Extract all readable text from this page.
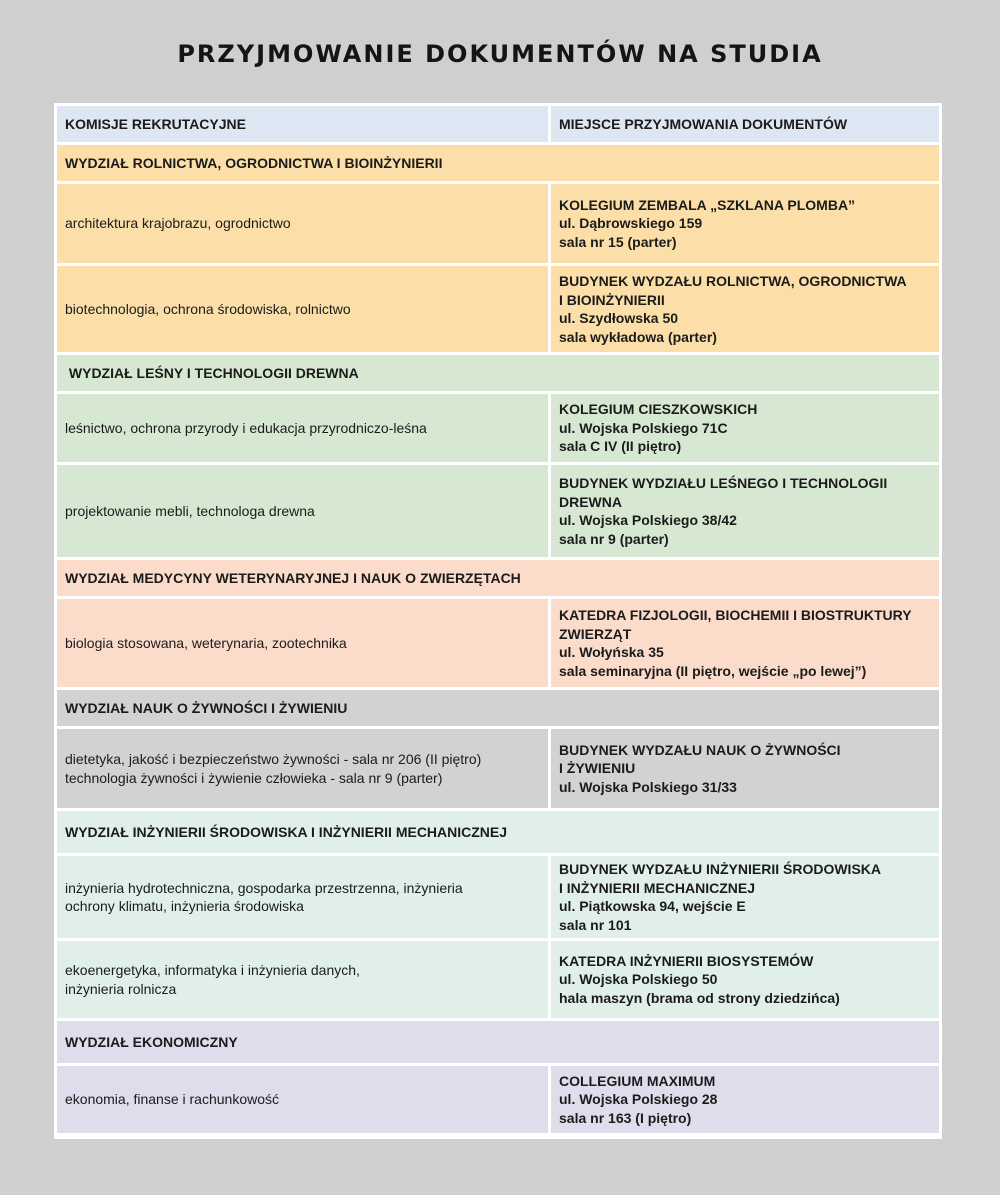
PRZYJMOWANIE DOKUMENTÓW NA STUDIA
KOMISJE REKRUTACYJNE	MIEJSCE PRZYJMOWANIA DOKUMENTÓW
WYDZIAŁ ROLNICTWA, OGRODNICTWA I BIOINŻYNIERII
architektura krajobrazu, ogrodnictwo
KOLEGIUM ZEMBALA „SZKLANA PLOMBA”
ul. Dąbrowskiego 159
sala nr 15 (parter)
biotechnologia, ochrona środowiska, rolnictwo
BUDYNEK WYDZAŁU ROLNICTWA, OGRODNICTWA
I BIOINŻYNIERII
ul. Szydłowska 50
sala wykładowa (parter)
WYDZIAŁ LEŚNY I TECHNOLOGII DREWNA
leśnictwo, ochrona przyrody i edukacja przyrodniczo-leśna
KOLEGIUM CIESZKOWSKICH
ul. Wojska Polskiego 71C
sala C IV (II piętro)
projektowanie mebli, technologa drewna
BUDYNEK WYDZIAŁU LEŚNEGO I TECHNOLOGII
DREWNA
ul. Wojska Polskiego 38/42
sala nr 9 (parter)
WYDZIAŁ MEDYCYNY WETERYNARYJNEJ I NAUK O ZWIERZĘTACH
biologia stosowana, weterynaria, zootechnika
KATEDRA FIZJOLOGII, BIOCHEMII I BIOSTRUKTURY
ZWIERZĄT
ul. Wołyńska 35
sala seminaryjna (II piętro, wejście „po lewej”)
WYDZIAŁ NAUK O ŻYWNOŚCI I ŻYWIENIU
dietetyka, jakość i bezpieczeństwo żywności - sala nr 206 (II piętro)
technologia żywności i żywienie człowieka - sala nr 9 (parter)
BUDYNEK WYDZAŁU NAUK O ŻYWNOŚCI
I ŻYWIENIU
ul. Wojska Polskiego 31/33
WYDZIAŁ INŻYNIERII ŚRODOWISKA I INŻYNIERII MECHANICZNEJ
inżynieria hydrotechniczna, gospodarka przestrzenna, inżynieria
ochrony klimatu, inżynieria środowiska
BUDYNEK WYDZAŁU INŻYNIERII ŚRODOWISKA
I INŻYNIERII MECHANICZNEJ
ul. Piątkowska 94, wejście E
sala nr 101
ekoenergetyka, informatyka i inżynieria danych,
inżynieria rolnicza
KATEDRA INŻYNIERII BIOSYSTEMÓW
ul. Wojska Polskiego 50
hala maszyn (brama od strony dziedzińca)
WYDZIAŁ EKONOMICZNY
ekonomia, finanse i rachunkowość
COLLEGIUM MAXIMUM
ul. Wojska Polskiego 28
sala nr 163 (I piętro)
